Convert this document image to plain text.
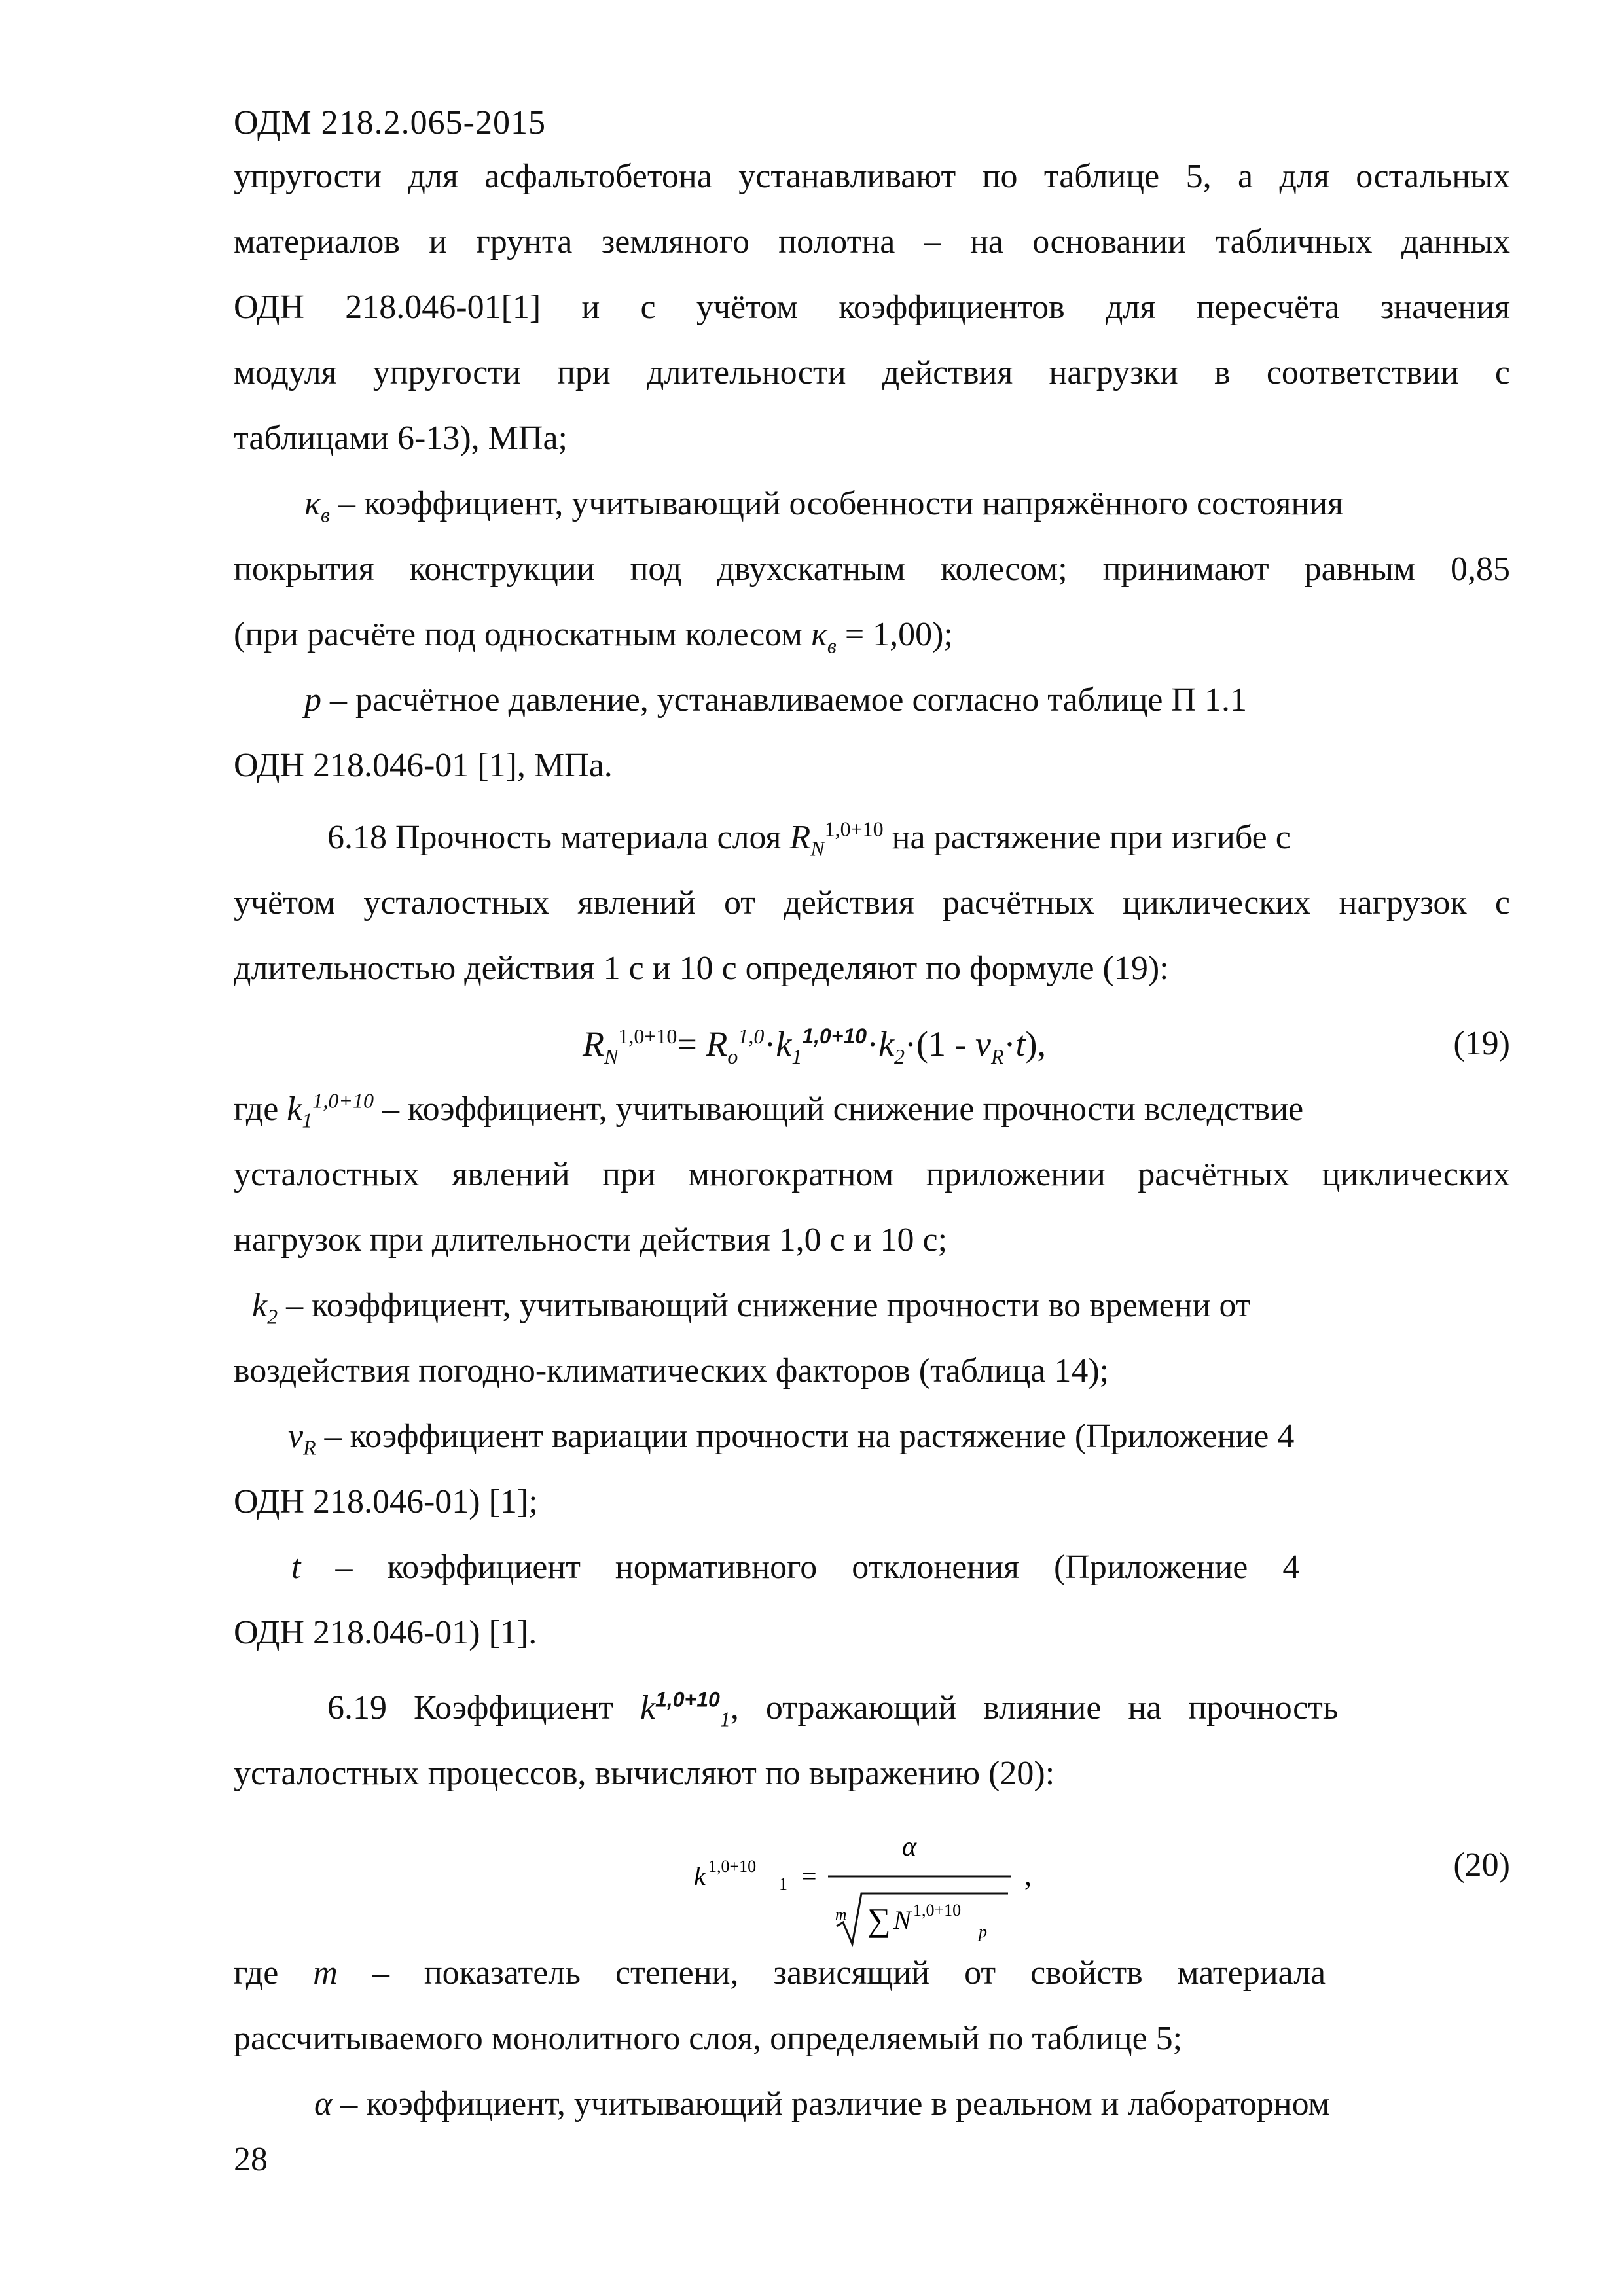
ОДМ 218.2.065-2015
упругости для асфальтобетона устанавливают по таблице 5, а для остальных
материалов и грунта земляного полотна – на основании табличных данных
ОДН 218.046-01[1] и с учётом коэффициентов для пересчёта значения
модуля упругости при длительности действия нагрузки в соответствии с
таблицами 6-13), МПа;
$\kappa_в$ – коэффициент, учитывающий особенности напряжённого состояния
покрытия конструкции под двухскатным колесом; принимают равным 0,85
(при расчёте под односкатным колесом $\kappa_в = 1,00$);
p – расчётное давление, устанавливаемое согласно таблице П 1.1
ОДН 218.046-01 [1], МПа.
6.18 Прочность материала слоя $R_N^{1,0+10}$ на растяжение при изгибе с
учётом усталостных явлений от действия расчётных циклических нагрузок с
длительностью действия 1 с и 10 с определяют по формуле (19):
$R_N^{1,0+10}= R_o^{1,0}\cdot k_1^{1,0+10}\cdot k_2\cdot(1 - v_R\cdot t)$,	(19)
где $k_1^{1,0+10}$ – коэффициент, учитывающий снижение прочности вследствие
усталостных явлений при многократном приложении расчётных циклических
нагрузок при длительности действия 1,0 с и 10 с;
$k_2$ – коэффициент, учитывающий снижение прочности во времени от
воздействия погодно-климатических факторов (таблица 14);
$v_R$ – коэффициент вариации прочности на растяжение (Приложение 4
ОДН 218.046-01) [1];
t – коэффициент нормативного отклонения (Приложение 4
ОДН 218.046-01) [1].
6.19 Коэффициент $k^{1,0+10}_1$, отражающий влияние на прочность
усталостных процессов, вычисляют по выражению (20):
k 1,0+10
1 =
α
m ∑ N 1,0+10
p
,	(20)
где m – показатель степени, зависящий от свойств материала
рассчитываемого монолитного слоя, определяемый по таблице 5;
α – коэффициент, учитывающий различие в реальном и лабораторном
28
